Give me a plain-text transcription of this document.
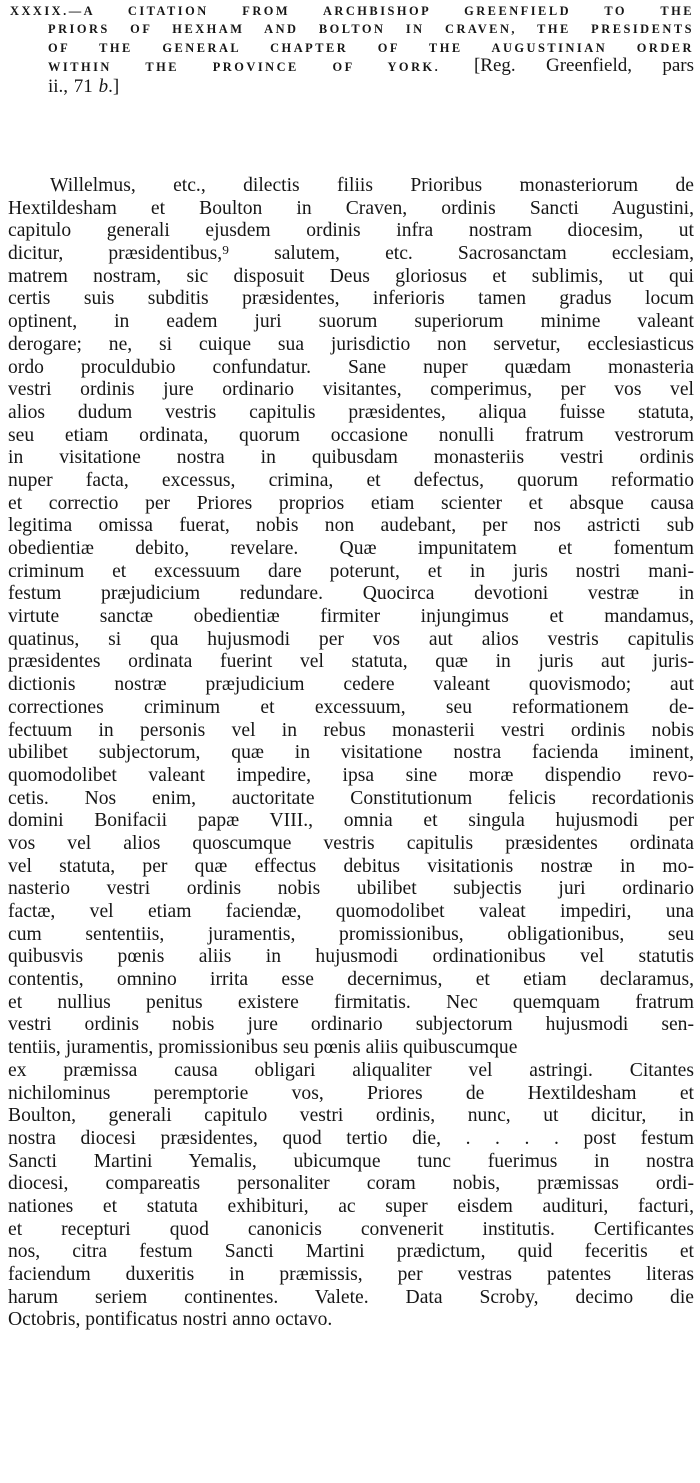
XXXIX.—A CITATION FROM ARCHBISHOP GREENFIELD TO THE
PRIORS OF HEXHAM AND BOLTON IN CRAVEN, THE PRESIDENTS
OF THE GENERAL CHAPTER OF THE AUGUSTINIAN ORDER
WITHIN THE PROVINCE OF YORK. [Reg. Greenfield, pars
ii., 71 b.]
Willelmus, etc., dilectis filiis Prioribus monasteriorum de
Hextildesham et Boulton in Craven, ordinis Sancti Augustini,
capitulo generali ejusdem ordinis infra nostram diocesim, ut
dicitur, præsidentibus,⁹ salutem, etc. Sacrosanctam ecclesiam,
matrem nostram, sic disposuit Deus gloriosus et sublimis, ut qui
certis suis subditis præsidentes, inferioris tamen gradus locum
optinent, in eadem juri suorum superiorum minime valeant
derogare; ne, si cuique sua jurisdictio non servetur, ecclesiasticus
ordo proculdubio confundatur. Sane nuper quædam monasteria
vestri ordinis jure ordinario visitantes, comperimus, per vos vel
alios dudum vestris capitulis præsidentes, aliqua fuisse statuta,
seu etiam ordinata, quorum occasione nonulli fratrum vestrorum
in visitatione nostra in quibusdam monasteriis vestri ordinis
nuper facta, excessus, crimina, et defectus, quorum reformatio
et correctio per Priores proprios etiam scienter et absque causa
legitima omissa fuerat, nobis non audebant, per nos astricti sub
obedientiæ debito, revelare. Quæ impunitatem et fomentum
criminum et excessuum dare poterunt, et in juris nostri mani-
festum præjudicium redundare. Quocirca devotioni vestræ in
virtute sanctæ obedientiæ firmiter injungimus et mandamus,
quatinus, si qua hujusmodi per vos aut alios vestris capitulis
præsidentes ordinata fuerint vel statuta, quæ in juris aut juris-
dictionis nostræ præjudicium cedere valeant quovismodo; aut
correctiones criminum et excessuum, seu reformationem de-
fectuum in personis vel in rebus monasterii vestri ordinis nobis
ubilibet subjectorum, quæ in visitatione nostra facienda iminent,
quomodolibet valeant impedire, ipsa sine moræ dispendio revo-
cetis. Nos enim, auctoritate Constitutionum felicis recordationis
domini Bonifacii papæ VIII., omnia et singula hujusmodi per
vos vel alios quoscumque vestris capitulis præsidentes ordinata
vel statuta, per quæ effectus debitus visitationis nostræ in mo-
nasterio vestri ordinis nobis ubilibet subjectis juri ordinario
factæ, vel etiam faciendæ, quomodolibet valeat impediri, una
cum sententiis, juramentis, promissionibus, obligationibus, seu
quibusvis pœnis aliis in hujusmodi ordinationibus vel statutis
contentis, omnino irrita esse decernimus, et etiam declaramus,
et nullius penitus existere firmitatis. Nec quemquam fratrum
vestri ordinis nobis jure ordinario subjectorum hujusmodi sen-
tentiis, juramentis, promissionibus seu pœnis aliis quibuscumque
ex præmissa causa obligari aliqualiter vel astringi. Citantes
nichilominus peremptorie vos, Priores de Hextildesham et
Boulton, generali capitulo vestri ordinis, nunc, ut dicitur, in
nostra diocesi præsidentes, quod tertio die, . . . . post festum
Sancti Martini Yemalis, ubicumque tunc fuerimus in nostra
diocesi, compareatis personaliter coram nobis, præmissas ordi-
nationes et statuta exhibituri, ac super eisdem audituri, facturi,
et recepturi quod canonicis convenerit institutis. Certificantes
nos, citra festum Sancti Martini prædictum, quid feceritis et
faciendum duxeritis in præmissis, per vestras patentes literas
harum seriem continentes. Valete. Data Scroby, decimo die
Octobris, pontificatus nostri anno octavo.
